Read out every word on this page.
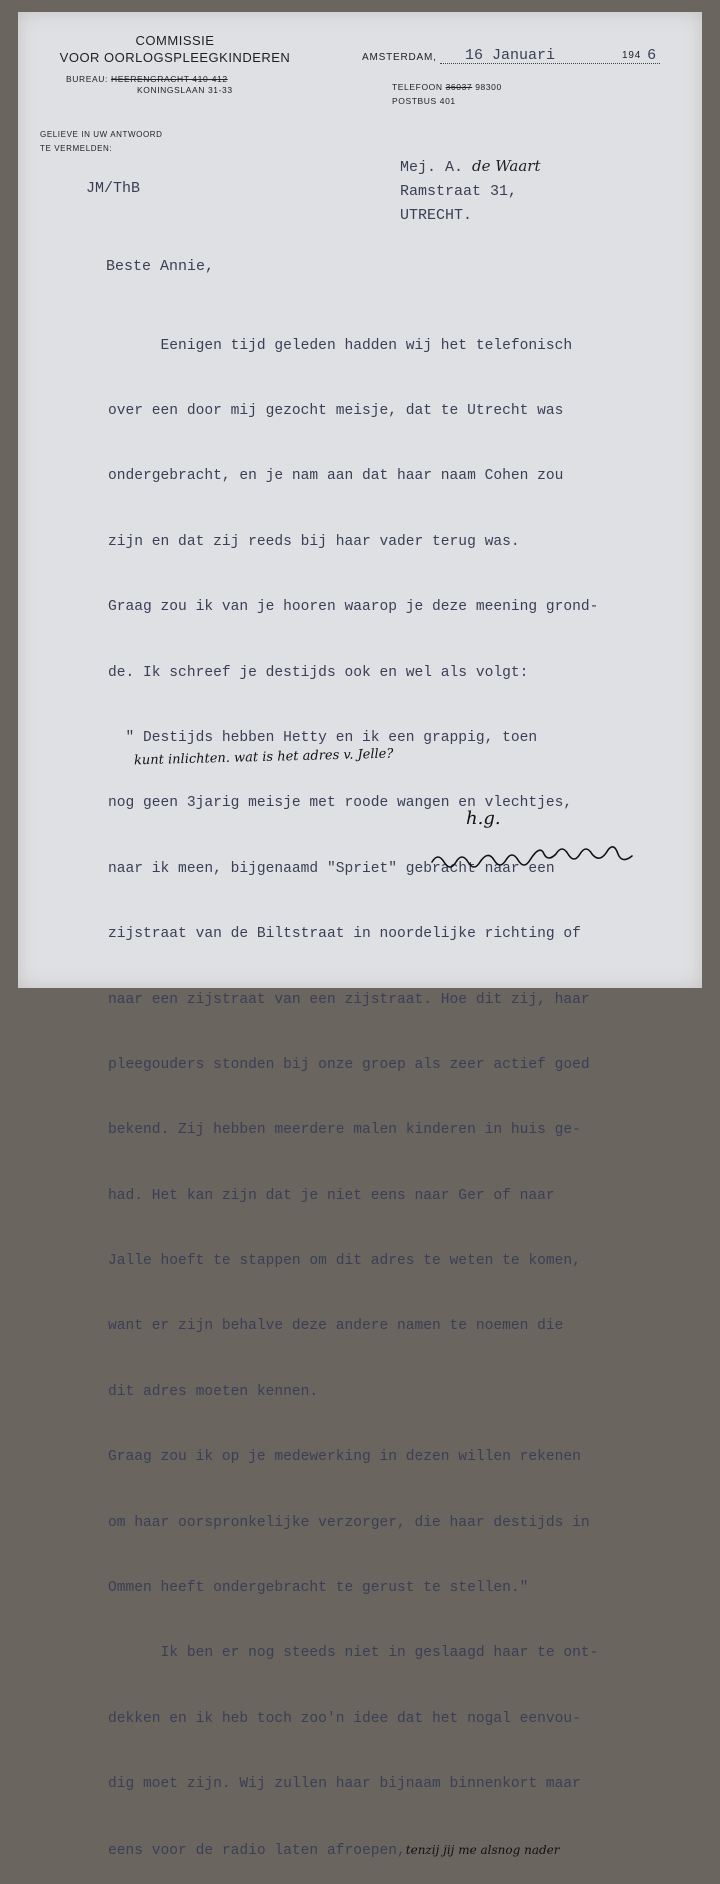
COMMISSIE
VOOR OORLOGSPLEEGKINDEREN
BUREAU: HEERENGRACHT 410-412
KONINGSLAAN 31-33
AMSTERDAM,	16 Januari	194 6
TELEFOON 36037 98300
POSTBUS 401
GELIEVE IN UW ANTWOORD
TE VERMELDEN:
JM/ThB
Mej. A. de Waart
Ramstraat 31,
UTRECHT.
Beste Annie,

Eenigen tijd geleden hadden wij het telefonisch

over een door mij gezocht meisje, dat te Utrecht was

ondergebracht, en je nam aan dat haar naam Cohen zou

zijn en dat zij reeds bij haar vader terug was.

Graag zou ik van je hooren waarop je deze meening grond-

de. Ik schreef je destijds ook en wel als volgt:

" Destijds hebben Hetty en ik een grappig, toen

nog geen 3jarig meisje met roode wangen en vlechtjes,

naar ik meen, bijgenaamd "Spriet" gebracht naar een

zijstraat van de Biltstraat in noordelijke richting of

naar een zijstraat van een zijstraat. Hoe dit zij, haar

pleegouders stonden bij onze groep als zeer actief goed

bekend. Zij hebben meerdere malen kinderen in huis ge-

had. Het kan zijn dat je niet eens naar Ger of naar

Jalle hoeft te stappen om dit adres te weten te komen,

want er zijn behalve deze andere namen te noemen die

dit adres moeten kennen.

Graag zou ik op je medewerking in dezen willen rekenen

om haar oorspronkelijke verzorger, die haar destijds in

Ommen heeft ondergebracht te gerust te stellen."

Ik ben er nog steeds niet in geslaagd haar te ont-

dekken en ik heb toch zoo'n idee dat het nogal eenvou-

dig moet zijn. Wij zullen haar bijnaam binnenkort maar

eens voor de radio laten afroepen,tenzij jij me alsnog nader

kunt inlichten. wat is het adres v. Jelle?
h.g.
